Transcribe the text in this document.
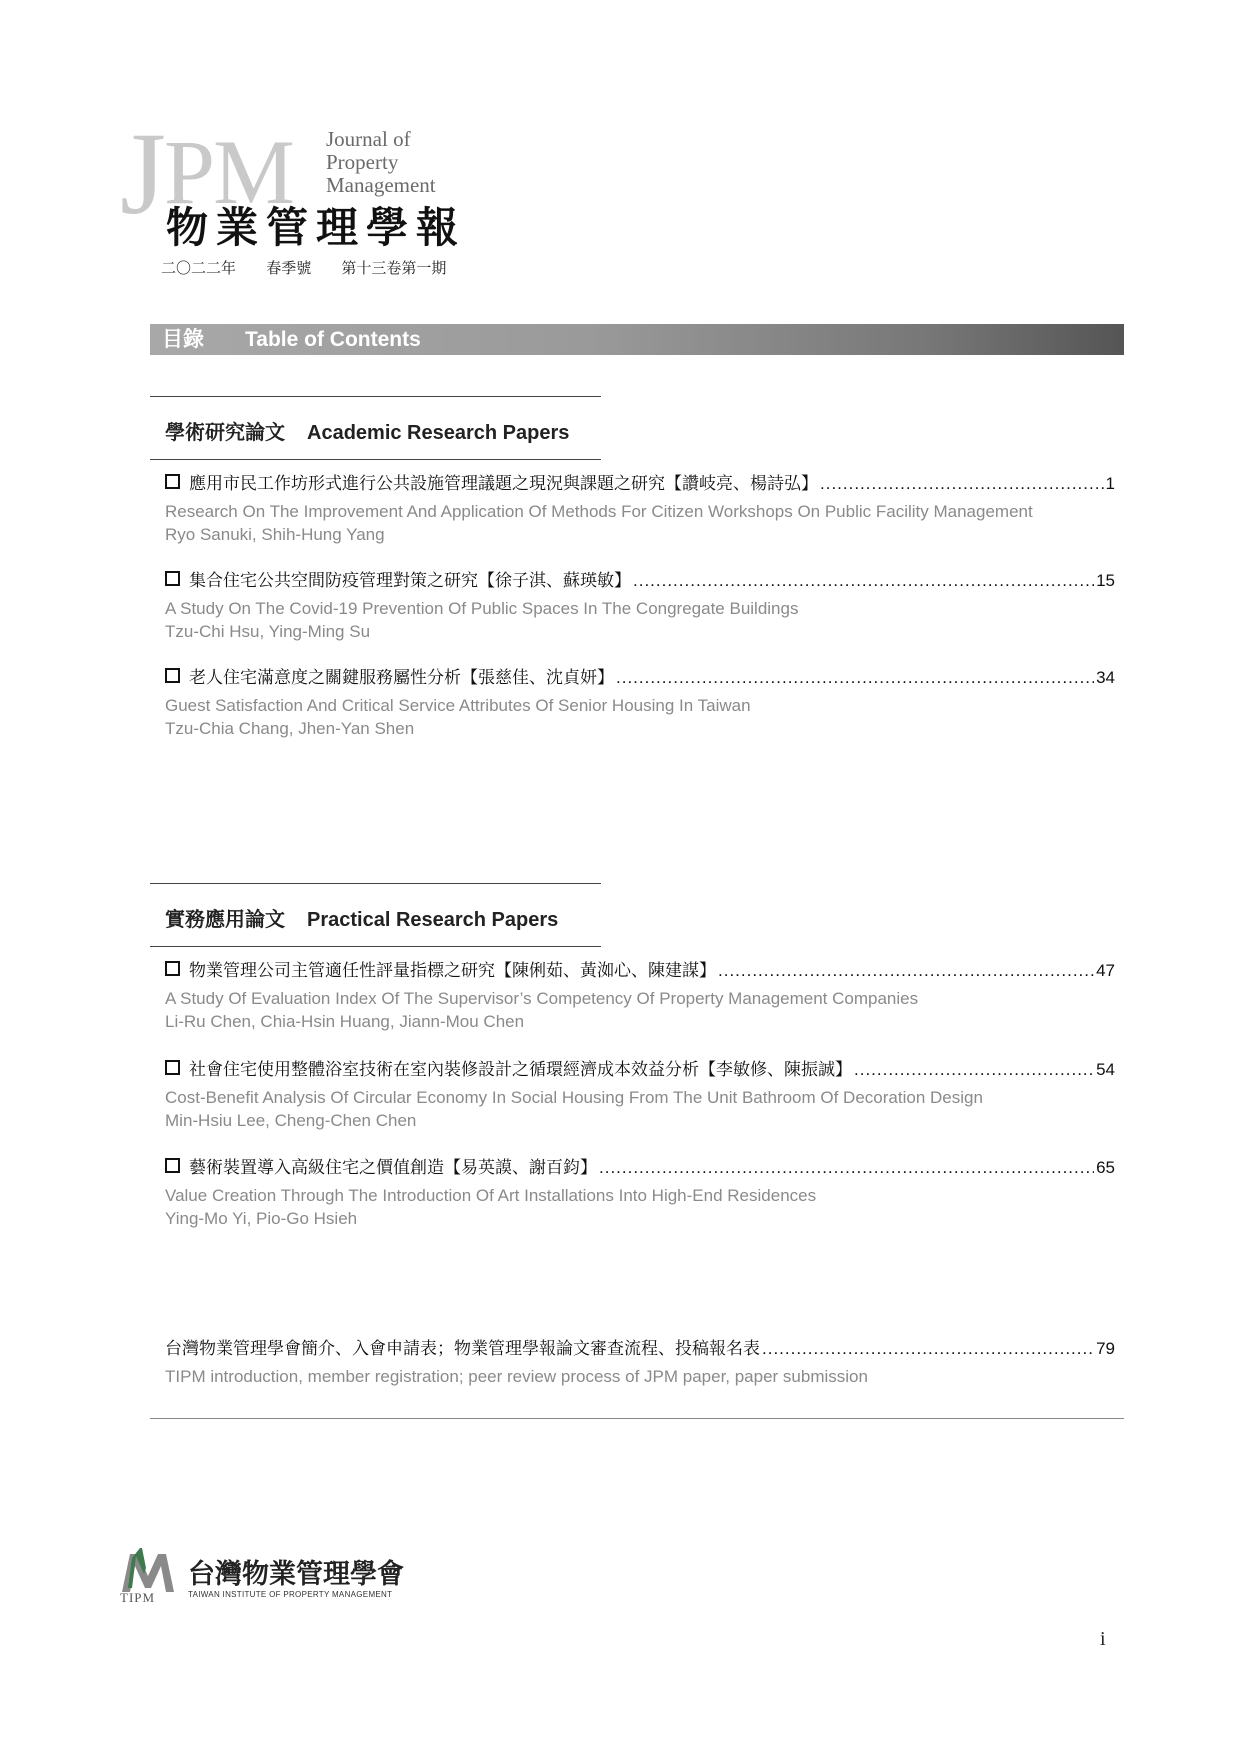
JPM Journal of
Property
Management
物業管理學報
二〇二二年 春季號 第十三卷第一期
目錄 Table of Contents
學術研究論文 Academic Research Papers
應用市民工作坊形式進行公共設施管理議題之現況與課題之研究【讚岐亮、楊詩弘】 .....	1
Research On The Improvement And Application Of Methods For Citizen Workshops On Public Facility Management
Ryo Sanuki, Shih-Hung Yang
集合住宅公共空間防疫管理對策之研究【徐子淇、蘇瑛敏】 .....	15
A Study On The Covid-19 Prevention Of Public Spaces In The Congregate Buildings
Tzu-Chi Hsu, Ying-Ming Su
老人住宅滿意度之關鍵服務屬性分析【張慈佳、沈貞妍】 .....	34
Guest Satisfaction And Critical Service Attributes Of Senior Housing In Taiwan
Tzu-Chia Chang, Jhen-Yan Shen
實務應用論文 Practical Research Papers
物業管理公司主管適任性評量指標之研究【陳俐茹、黃洳心、陳建謀】 .....	47
A Study Of Evaluation Index Of The Supervisor’s Competency Of Property Management Companies
Li-Ru Chen, Chia-Hsin Huang, Jiann-Mou Chen
社會住宅使用整體浴室技術在室內裝修設計之循環經濟成本效益分析【李敏修、陳振誠】 .....	54
Cost-Benefit Analysis Of Circular Economy In Social Housing From The Unit Bathroom Of Decoration Design
Min-Hsiu Lee, Cheng-Chen Chen
藝術裝置導入高級住宅之價值創造【易英謨、謝百鈞】 .....	65
Value Creation Through The Introduction Of Art Installations Into High-End Residences
Ying-Mo Yi, Pio-Go Hsieh
台灣物業管理學會簡介、入會申請表；物業管理學報論文審查流程、投稿報名表 .....	79
TIPM introduction, member registration; peer review process of JPM paper, paper submission
TIPM
台灣物業管理學會
TAIWAN INSTITUTE OF PROPERTY MANAGEMENT
i
